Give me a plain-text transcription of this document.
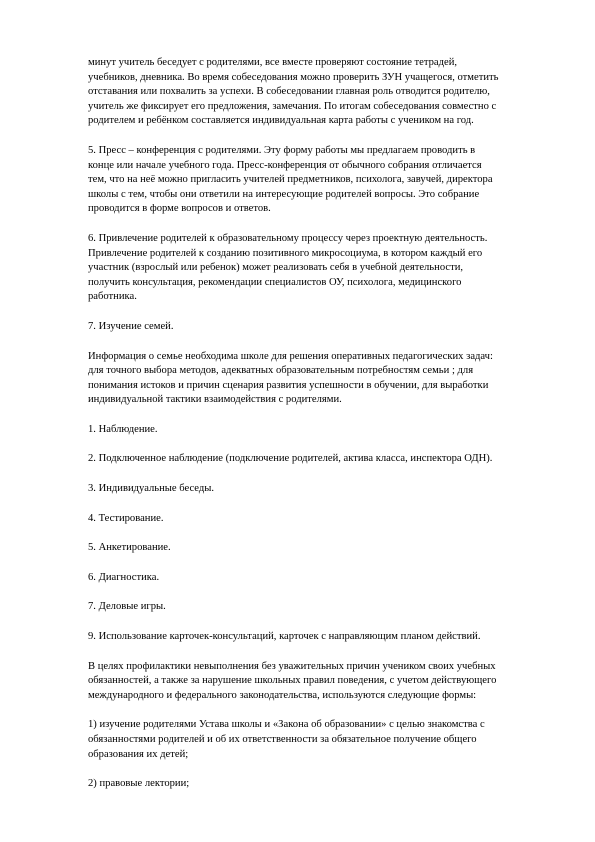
минут учитель беседует с родителями, все вместе проверяют состояние тетрадей,
учебников, дневника. Во время собеседования можно проверить ЗУН учащегося, отметить
отставания или похвалить за успехи. В собеседовании главная роль отводится родителю,
учитель же фиксирует его предложения, замечания. По итогам собеседования совместно с
родителем и ребёнком составляется индивидуальная карта работы с учеником на год.

5. Пресс – конференция с родителями. Эту форму работы мы предлагаем проводить в
конце или начале учебного года. Пресс-конференция от обычного собрания отличается
тем, что на неё можно пригласить учителей предметников, психолога, завучей, директора
школы с тем, чтобы они ответили на интересующие родителей вопросы. Это собрание
проводится в форме вопросов и ответов.

6. Привлечение родителей к образовательному процессу через проектную деятельность.
Привлечение родителей к созданию позитивного микросоциума, в котором каждый его
участник (взрослый или ребенок) может реализовать себя в учебной деятельности,
получить консультация, рекомендации специалистов ОУ, психолога, медицинского
работника.

7. Изучение семей.

Информация о семье необходима школе для решения оперативных педагогических задач:
для точного выбора методов, адекватных образовательным потребностям семьи ; для
понимания истоков и причин сценария развития успешности в обучении, для выработки
индивидуальной тактики взаимодействия с родителями.

1. Наблюдение.

2. Подключенное наблюдение (подключение родителей, актива класса, инспектора ОДН).

3. Индивидуальные беседы.

4. Тестирование.

5. Анкетирование.

6. Диагностика.

7. Деловые игры.

9. Использование карточек-консультаций, карточек с направляющим планом действий.

В целях профилактики невыполнения без уважительных причин учеником своих учебных
обязанностей, а также за нарушение школьных правил поведения, с учетом действующего
международного и федерального законодательства, используются следующие формы:

1) изучение родителями Устава школы и «Закона об образовании» с целью знакомства с
обязанностями родителей и об их ответственности за обязательное получение общего
образования их детей;

2) правовые лектории;
